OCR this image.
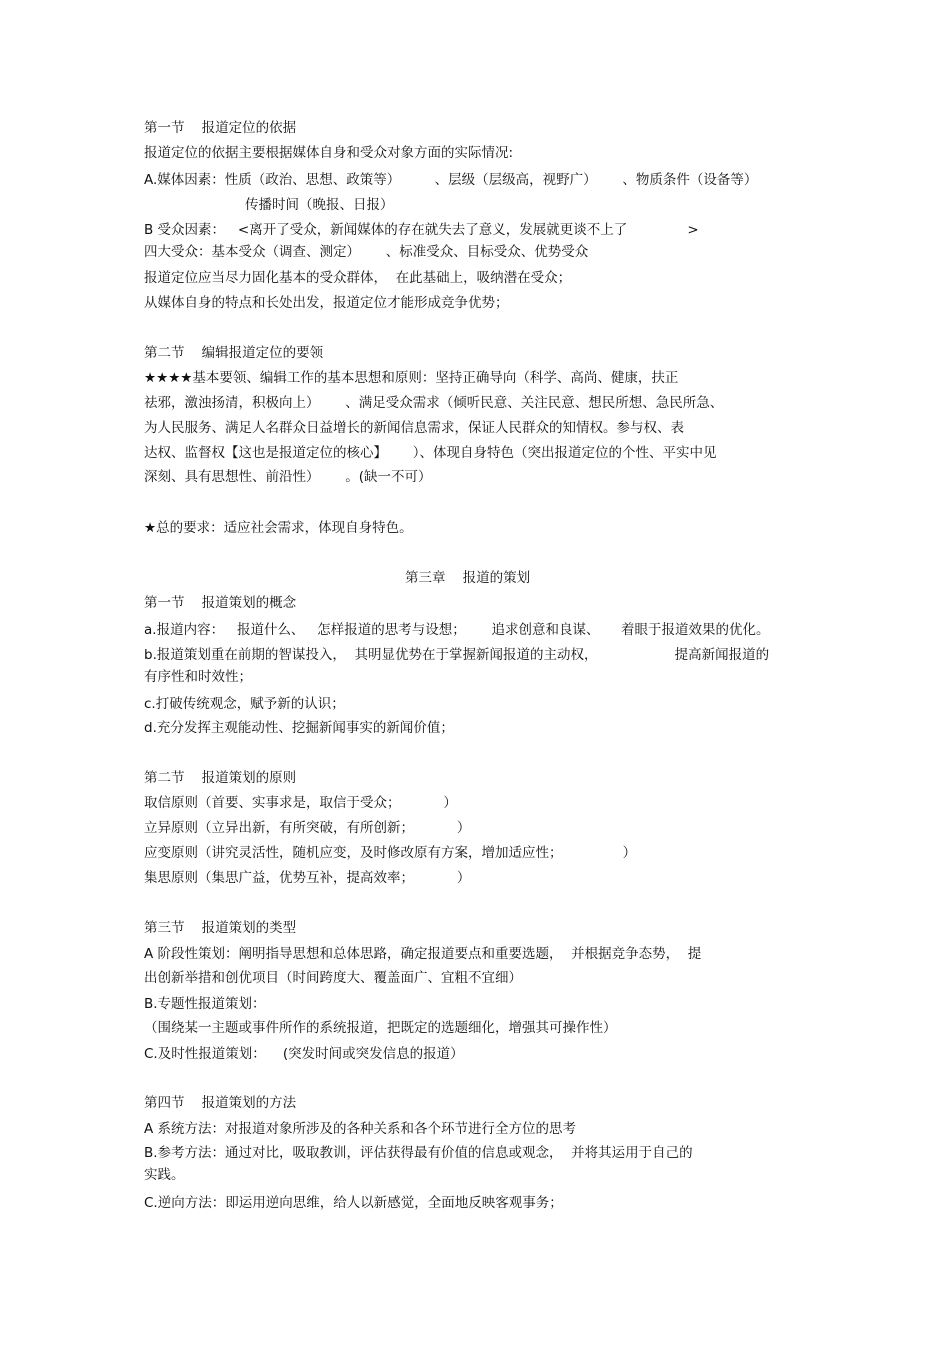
第一节    报道定位的依据
报道定位的依据主要根据媒体自身和受众对象方面的实际情况:
A.媒体因素：性质（政治、思想、政策等）        、层级（层级高，视野广）      、物质条件（设备等）
传播时间（晚报、日报）
B 受众因素：   <离开了受众，新闻媒体的存在就失去了意义，发展就更谈不上了              >
四大受众：基本受众（调查、测定）      、标准受众、目标受众、优势受众
报道定位应当尽力固化基本的受众群体，  在此基础上，吸纳潜在受众；
从媒体自身的特点和长处出发，报道定位才能形成竞争优势；
第二节    编辑报道定位的要领
★★★★基本要领、编辑工作的基本思想和原则：坚持正确导向（科学、高尚、健康，扶正
祛邪，激浊扬清，积极向上）      、满足受众需求（倾听民意、关注民意、想民所想、急民所急、
为人民服务、满足人名群众日益增长的新闻信息需求，保证人民群众的知情权。参与权、表
达权、监督权【这也是报道定位的核心】      ）、体现自身特色（突出报道定位的个性、平实中见
深刻、具有思想性、前沿性）      。(缺一不可）
★总的要求：适应社会需求，体现自身特色。
第三章    报道的策划
第一节    报道策划的概念
a.报道内容：   报道什么、   怎样报道的思考与设想；      追求创意和良谋、     着眼于报道效果的优化。
b.报道策划重在前期的智谋投入，  其明显优势在于掌握新闻报道的主动权，                  提高新闻报道的
有序性和时效性；
c.打破传统观念，赋予新的认识；
d.充分发挥主观能动性、挖掘新闻事实的新闻价值；
第二节    报道策划的原则
取信原则（首要、实事求是，取信于受众；          ）
立异原则（立异出新，有所突破，有所创新；          ）
应变原则（讲究灵活性，随机应变，及时修改原有方案，增加适应性；              ）
集思原则（集思广益，优势互补，提高效率；          ）
第三节    报道策划的类型
A 阶段性策划：阐明指导思想和总体思路，确定报道要点和重要选题，  并根据竞争态势，  提
出创新举措和创优项目（时间跨度大、覆盖面广、宜粗不宜细）
B.专题性报道策划：
（围绕某一主题或事件所作的系统报道，把既定的选题细化，增强其可操作性）
C.及时性报道策划：    (突发时间或突发信息的报道）
第四节    报道策划的方法
A 系统方法：对报道对象所涉及的各种关系和各个环节进行全方位的思考
B.参考方法：通过对比，吸取教训，评估获得最有价值的信息或观念，  并将其运用于自己的
实践。
C.逆向方法：即运用逆向思维，给人以新感觉，全面地反映客观事务；
